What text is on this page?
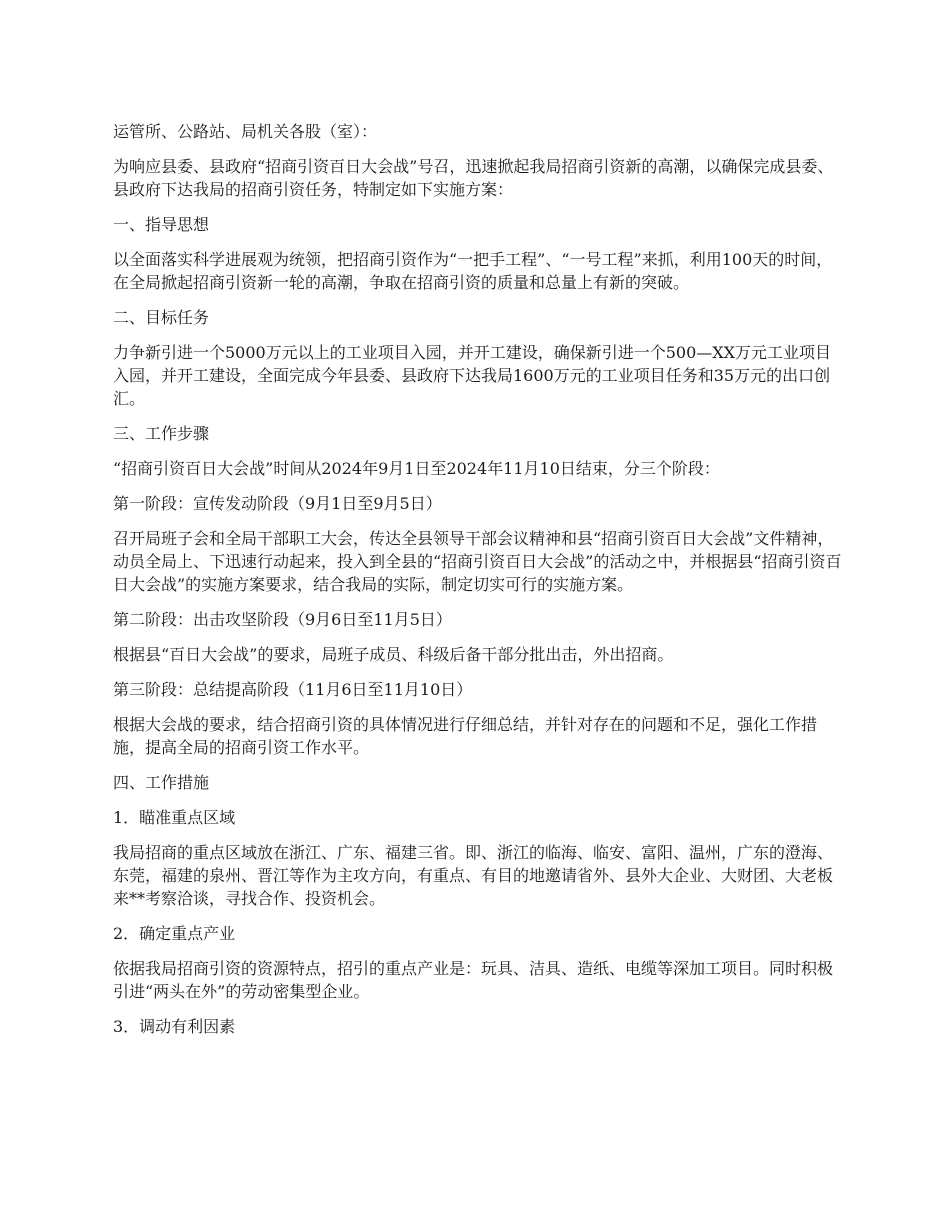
运管所、公路站、局机关各股（室）：

为响应县委、县政府“招商引资百日大会战”号召，迅速掀起我局招商引资新的高潮，以确保完成县委、县政府下达我局的招商引资任务，特制定如下实施方案：

一、指导思想

以全面落实科学进展观为统领，把招商引资作为“一把手工程”、“一号工程”来抓，利用100天的时间，在全局掀起招商引资新一轮的高潮，争取在招商引资的质量和总量上有新的突破。

二、目标任务

力争新引进一个5000万元以上的工业项目入园，并开工建设，确保新引进一个500—XX万元工业项目入园，并开工建设，全面完成今年县委、县政府下达我局1600万元的工业项目任务和35万元的出口创汇。

三、工作步骤

“招商引资百日大会战”时间从2024年9月1日至2024年11月10日结束，分三个阶段：

第一阶段：宣传发动阶段（9月1日至9月5日）

召开局班子会和全局干部职工大会，传达全县领导干部会议精神和县“招商引资百日大会战”文件精神，动员全局上、下迅速行动起来，投入到全县的“招商引资百日大会战”的活动之中，并根据县“招商引资百日大会战”的实施方案要求，结合我局的实际，制定切实可行的实施方案。

第二阶段：出击攻坚阶段（9月6日至11月5日）

根据县“百日大会战”的要求，局班子成员、科级后备干部分批出击，外出招商。

第三阶段：总结提高阶段（11月6日至11月10日）

根据大会战的要求，结合招商引资的具体情况进行仔细总结，并针对存在的问题和不足，强化工作措施，提高全局的招商引资工作水平。

四、工作措施

1．瞄准重点区域

我局招商的重点区域放在浙江、广东、福建三省。即、浙江的临海、临安、富阳、温州，广东的澄海、东莞，福建的泉州、晋江等作为主攻方向，有重点、有目的地邀请省外、县外大企业、大财团、大老板来**考察洽谈，寻找合作、投资机会。

2．确定重点产业

依据我局招商引资的资源特点，招引的重点产业是：玩具、洁具、造纸、电缆等深加工项目。同时积极引进“两头在外”的劳动密集型企业。

3．调动有利因素
